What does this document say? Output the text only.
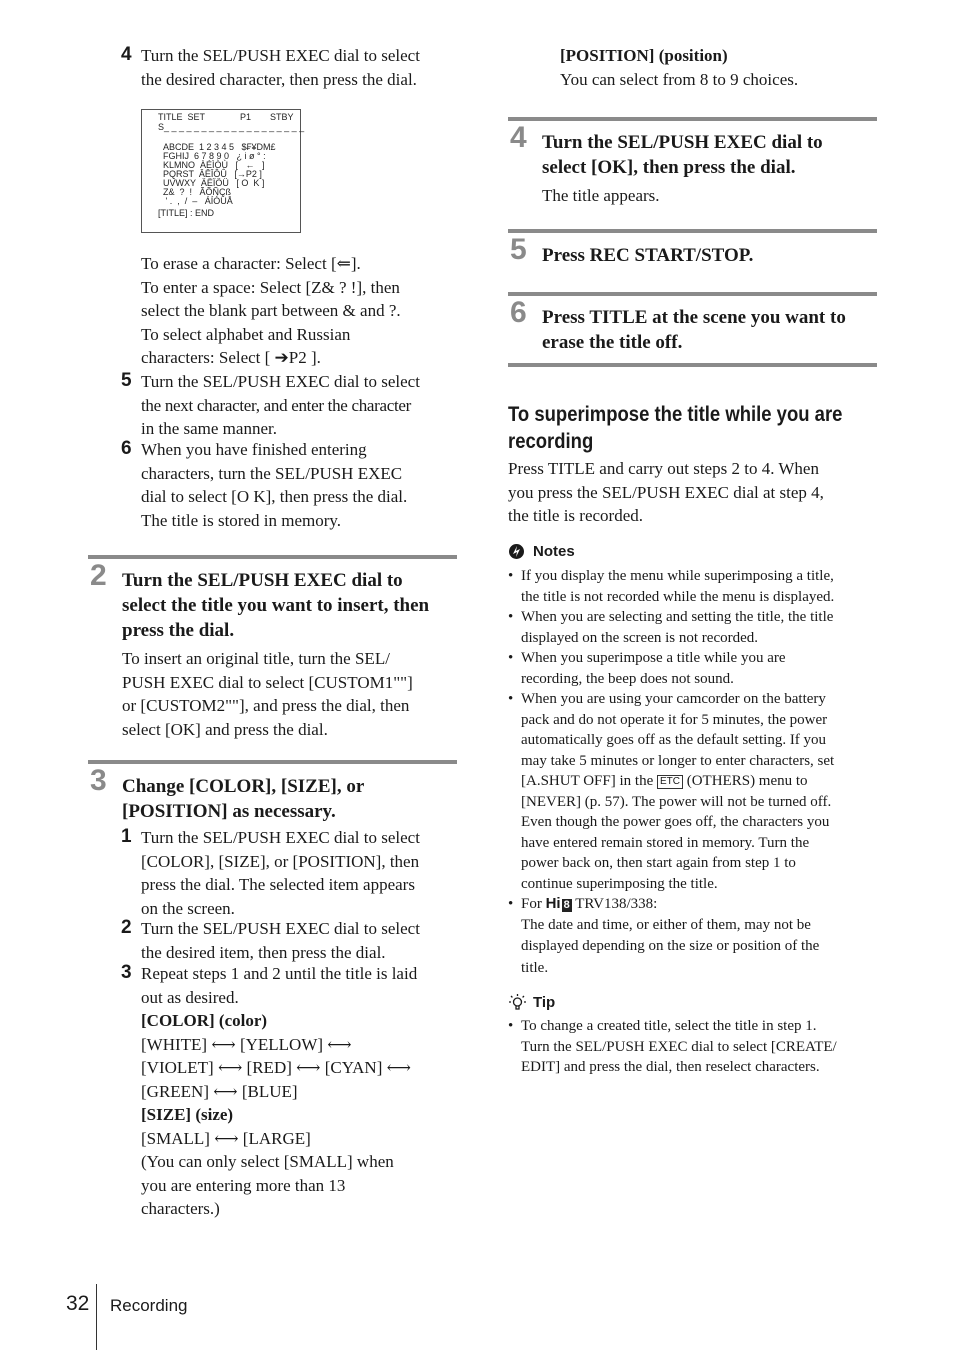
4 Turn the SEL/PUSH EXEC dial to select
the desired character, then press the dial.
TITLE  SET	P1 STBY
S_ _ _ _ _ _ _ _ _ _ _ _ _ _ _ _ _ _ _
ABCDE  1 2 3 4 5   $₣¥DM£
FGHIJ  6 7 8 9 0   ¿ i ø ° :
KLMNO  ÀÉÌÒÙ   [   ←   ]
PQRST  ÂÊÎÔÛ   [→P2 ]
UVWXY  ÄËÏÖÜ   [ O  K ]
Z&  ?  !   ÃÕÑÇß
' .  ,  /  –   ÁÍÓÚÅ
[TITLE] : END
To erase a character: Select [⇐].
To enter a space: Select [Z& ? !], then
select the blank part between & and ?.
To select alphabet and Russian
characters: Select [ ➔P2 ].
5 Turn the SEL/PUSH EXEC dial to select
the next character, and enter the character
in the same manner.
6 When you have finished entering
characters, turn the SEL/PUSH EXEC
dial to select [O K], then press the dial.
The title is stored in memory.
2 Turn the SEL/PUSH EXEC dial to
select the title you want to insert, then
press the dial.
To insert an original title, turn the SEL/
PUSH EXEC dial to select [CUSTOM1""]
or [CUSTOM2""], and press the dial, then
select [OK] and press the dial.
3 Change [COLOR], [SIZE], or
[POSITION] as necessary.
1 Turn the SEL/PUSH EXEC dial to select
[COLOR], [SIZE], or [POSITION], then
press the dial. The selected item appears
on the screen.
2 Turn the SEL/PUSH EXEC dial to select
the desired item, then press the dial.
3 Repeat steps 1 and 2 until the title is laid
out as desired.
[COLOR] (color)
[WHITE] ⟷ [YELLOW] ⟷
[VIOLET] ⟷ [RED] ⟷ [CYAN] ⟷
[GREEN] ⟷ [BLUE]
[SIZE] (size)
[SMALL] ⟷ [LARGE]
(You can only select [SMALL] when
you are entering more than 13
characters.)
[POSITION] (position)
You can select from 8 to 9 choices.
4 Turn the SEL/PUSH EXEC dial to
select [OK], then press the dial.
The title appears.
5 Press REC START/STOP.
6 Press TITLE at the scene you want to
erase the title off.
To superimpose the title while you are
recording
Press TITLE and carry out steps 2 to 4. When
you press the SEL/PUSH EXEC dial at step 4,
the title is recorded.
Notes
• If you display the menu while superimposing a title,
the title is not recorded while the menu is displayed.
• When you are selecting and setting the title, the title
displayed on the screen is not recorded.
• When you superimpose a title while you are
recording, the beep does not sound.
• When you are using your camcorder on the battery
pack and do not operate it for 5 minutes, the power
automatically goes off as the default setting. If you
may take 5 minutes or longer to enter characters, set
[A.SHUT OFF] in the ETC (OTHERS) menu to
[NEVER] (p. 57). The power will not be turned off.
Even though the power goes off, the characters you
have entered remain stored in memory. Turn the
power back on, then start again from step 1 to
continue superimposing the title.
• For Hi 8 TRV138/338:
The date and time, or either of them, may not be
displayed depending on the size or position of the
title.
Tip
• To change a created title, select the title in step 1.
Turn the SEL/PUSH EXEC dial to select [CREATE/
EDIT] and press the dial, then reselect characters.
32 Recording
